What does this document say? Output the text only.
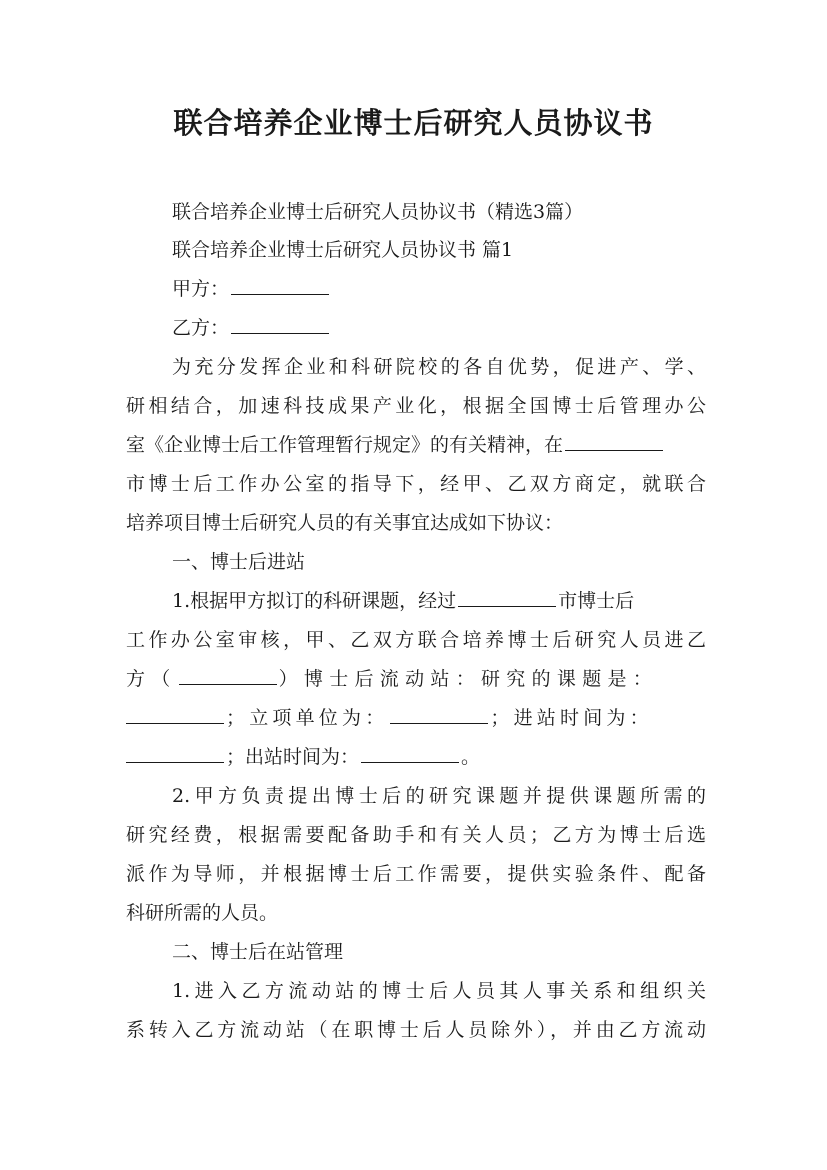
联合培养企业博士后研究人员协议书

联合培养企业博士后研究人员协议书（精选3篇）

联合培养企业博士后研究人员协议书 篇1

甲方：

乙方：

为充分发挥企业和科研院校的各自优势，促进产、学、

研相结合，加速科技成果产业化，根据全国博士后管理办公

室《企业博士后工作管理暂行规定》的有关精神，在

市博士后工作办公室的指导下，经甲、乙双方商定，就联合

培养项目博士后研究人员的有关事宜达成如下协议：

一、博士后进站

1.根据甲方拟订的科研课题，经过	市博士后

工作办公室审核，甲、乙双方联合培养博士后研究人员进乙

方（	）博士后流动站：研究的课题是：

；立项单位为：	；进站时间为：

；出站时间为：	。

2.甲方负责提出博士后的研究课题并提供课题所需的

研究经费，根据需要配备助手和有关人员；乙方为博士后选

派作为导师，并根据博士后工作需要，提供实验条件、配备

科研所需的人员。

二、博士后在站管理

1.进入乙方流动站的博士后人员其人事关系和组织关

系转入乙方流动站（在职博士后人员除外），并由乙方流动
